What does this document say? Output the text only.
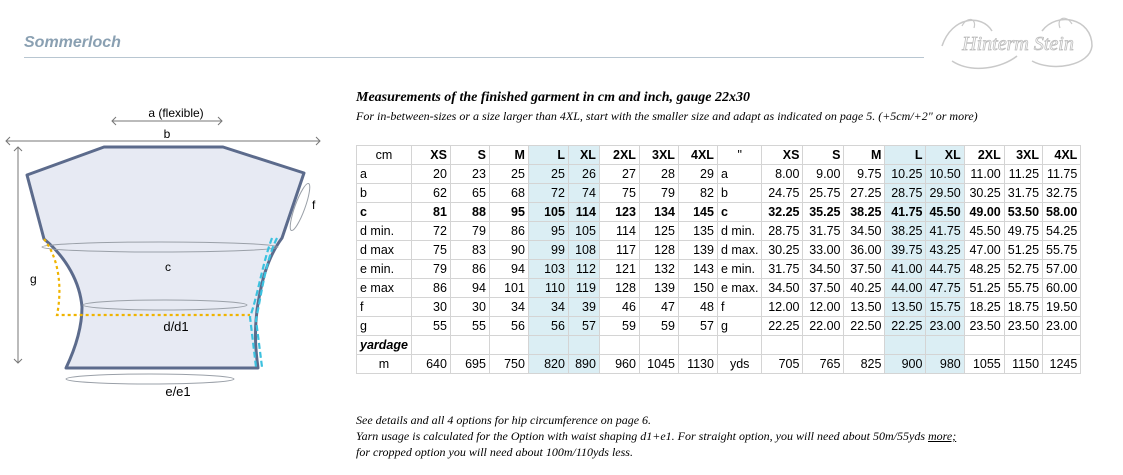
Sommerloch	Hinterm Stein
a (flexible)
b
c
d/d1
e/e1
f
g
Measurements of the finished garment in cm and inch, gauge 22x30
For in-between-sizes or a size larger than 4XL, start with the smaller size and adapt as indicated on page 5. (+5cm/+2" or more)
cm	XS	S	M	L	XL	2XL	3XL	4XL	"	XS	S	M	L	XL	2XL	3XL	4XL
a	20	23	25	25	26	27	28	29	a	8.00	9.00	9.75	10.25	10.50	11.00	11.25	11.75
b	62	65	68	72	74	75	79	82	b	24.75	25.75	27.25	28.75	29.50	30.25	31.75	32.75
c	81	88	95	105	114	123	134	145	c	32.25	35.25	38.25	41.75	45.50	49.00	53.50	58.00
d min.	72	79	86	95	105	114	125	135	d min.	28.75	31.75	34.50	38.25	41.75	45.50	49.75	54.25
d max	75	83	90	99	108	117	128	139	d max.	30.25	33.00	36.00	39.75	43.25	47.00	51.25	55.75
e min.	79	86	94	103	112	121	132	143	e min.	31.75	34.50	37.50	41.00	44.75	48.25	52.75	57.00
e max	86	94	101	110	119	128	139	150	e max.	34.50	37.50	40.25	44.00	47.75	51.25	55.75	60.00
f	30	30	34	34	39	46	47	48	f	12.00	12.00	13.50	13.50	15.75	18.25	18.75	19.50
g	55	55	56	56	57	59	59	57	g	22.25	22.00	22.50	22.25	23.00	23.50	23.50	23.00
yardage																	
m	640	695	750	820	890	960	1045	1130	yds	705	765	825	900	980	1055	1150	1245
See details and all 4 options for hip circumference on page 6.
Yarn usage is calculated for the Option with waist shaping d1+e1. For straight option, you will need about 50m/55yds more;
for cropped option you will need about 100m/110yds less.
